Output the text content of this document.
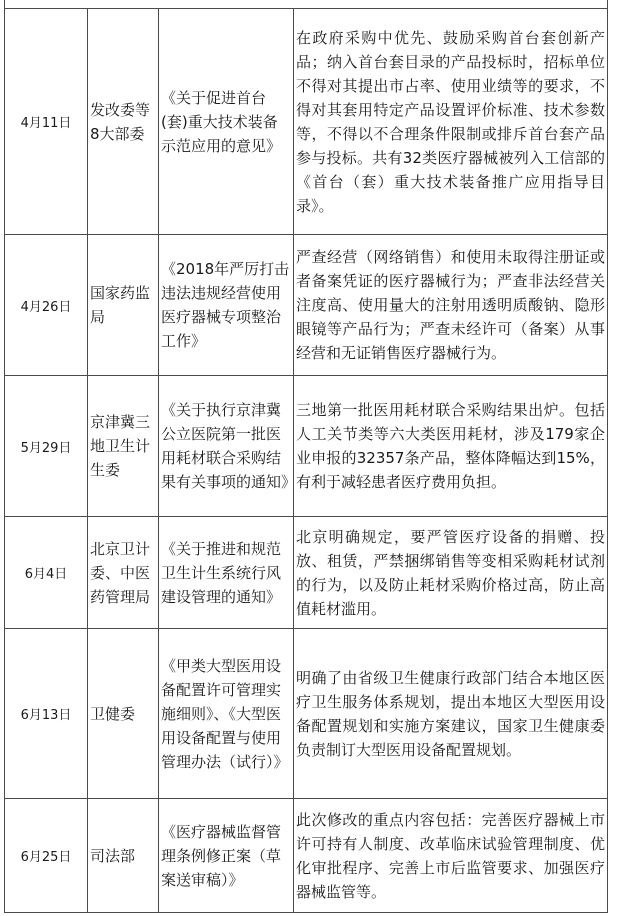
4月11日	发改委等8大部委	《关于促进首台(套)重大技术装备示范应用的意见》	在政府采购中优先、鼓励采购首台套创新产品；纳入首台套目录的产品投标时，招标单位不得对其提出市占率、使用业绩等的要求，不得对其套用特定产品设置评价标准、技术参数等，不得以不合理条件限制或排斥首台套产品参与投标。共有32类医疗器械被列入工信部的《首台（套）重大技术装备推广应用指导目录》。
4月26日	国家药监局	《2018年严厉打击违法违规经营使用医疗器械专项整治工作》	严查经营（网络销售）和使用未取得注册证或者备案凭证的医疗器械行为；严查非法经营关注度高、使用量大的注射用透明质酸钠、隐形眼镜等产品行为；严查未经许可（备案）从事经营和无证销售医疗器械行为。
5月29日	京津冀三地卫生计生委	《关于执行京津冀公立医院第一批医用耗材联合采购结果有关事项的通知》	三地第一批医用耗材联合采购结果出炉。包括人工关节类等六大类医用耗材，涉及179家企业申报的32357条产品，整体降幅达到15%，有利于减轻患者医疗费用负担。
6月4日	北京卫计委、中医药管理局	《关于推进和规范卫生计生系统行风建设管理的通知》	北京明确规定，要严管医疗设备的捐赠、投放、租赁，严禁捆绑销售等变相采购耗材试剂的行为，以及防止耗材采购价格过高，防止高值耗材滥用。
6月13日	卫健委	《甲类大型医用设备配置许可管理实施细则》、《大型医用设备配置与使用管理办法（试行）》	明确了由省级卫生健康行政部门结合本地区医疗卫生服务体系规划，提出本地区大型医用设备配置规划和实施方案建议，国家卫生健康委负责制订大型医用设备配置规划。
6月25日	司法部	《医疗器械监督管理条例修正案（草案送审稿）》	此次修改的重点内容包括：完善医疗器械上市许可持有人制度、改革临床试验管理制度、优化审批程序、完善上市后监管要求、加强医疗器械监管等。
